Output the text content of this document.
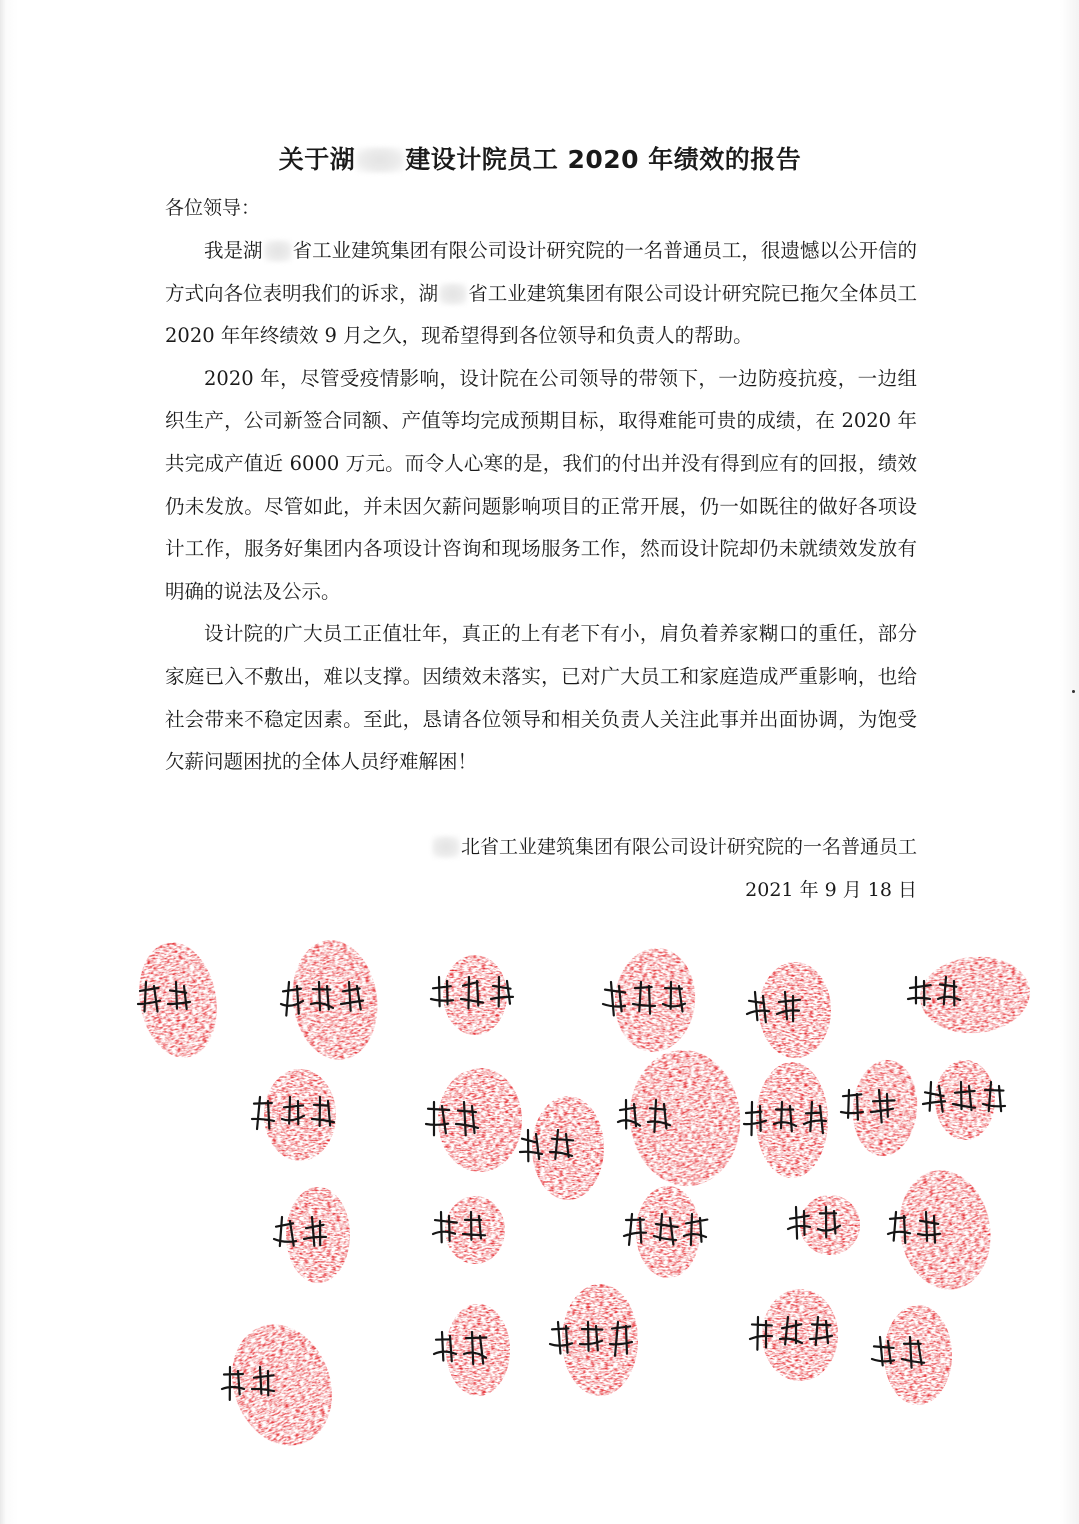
关于湖 建设计院员工 2020 年绩效的报告

各位领导：

我是湖 省工业建筑集团有限公司设计研究院的一名普通员工，很遗憾以公开信的方式向各位表明我们的诉求，湖 省工业建筑集团有限公司设计研究院已拖欠全体员工 2020 年年终绩效 9 月之久，现希望得到各位领导和负责人的帮助。

2020 年，尽管受疫情影响，设计院在公司领导的带领下，一边防疫抗疫，一边组织生产，公司新签合同额、产值等均完成预期目标，取得难能可贵的成绩，在 2020 年共完成产值近 6000 万元。而令人心寒的是，我们的付出并没有得到应有的回报，绩效仍未发放。尽管如此，并未因欠薪问题影响项目的正常开展，仍一如既往的做好各项设计工作，服务好集团内各项设计咨询和现场服务工作，然而设计院却仍未就绩效发放有明确的说法及公示。

设计院的广大员工正值壮年，真正的上有老下有小，肩负着养家糊口的重任，部分家庭已入不敷出，难以支撑。因绩效未落实，已对广大员工和家庭造成严重影响，也给社会带来不稳定因素。至此，恳请各位领导和相关负责人关注此事并出面协调，为饱受欠薪问题困扰的全体人员纾难解困！

北省工业建筑集团有限公司设计研究院的一名普通员工
2021 年 9 月 18 日
